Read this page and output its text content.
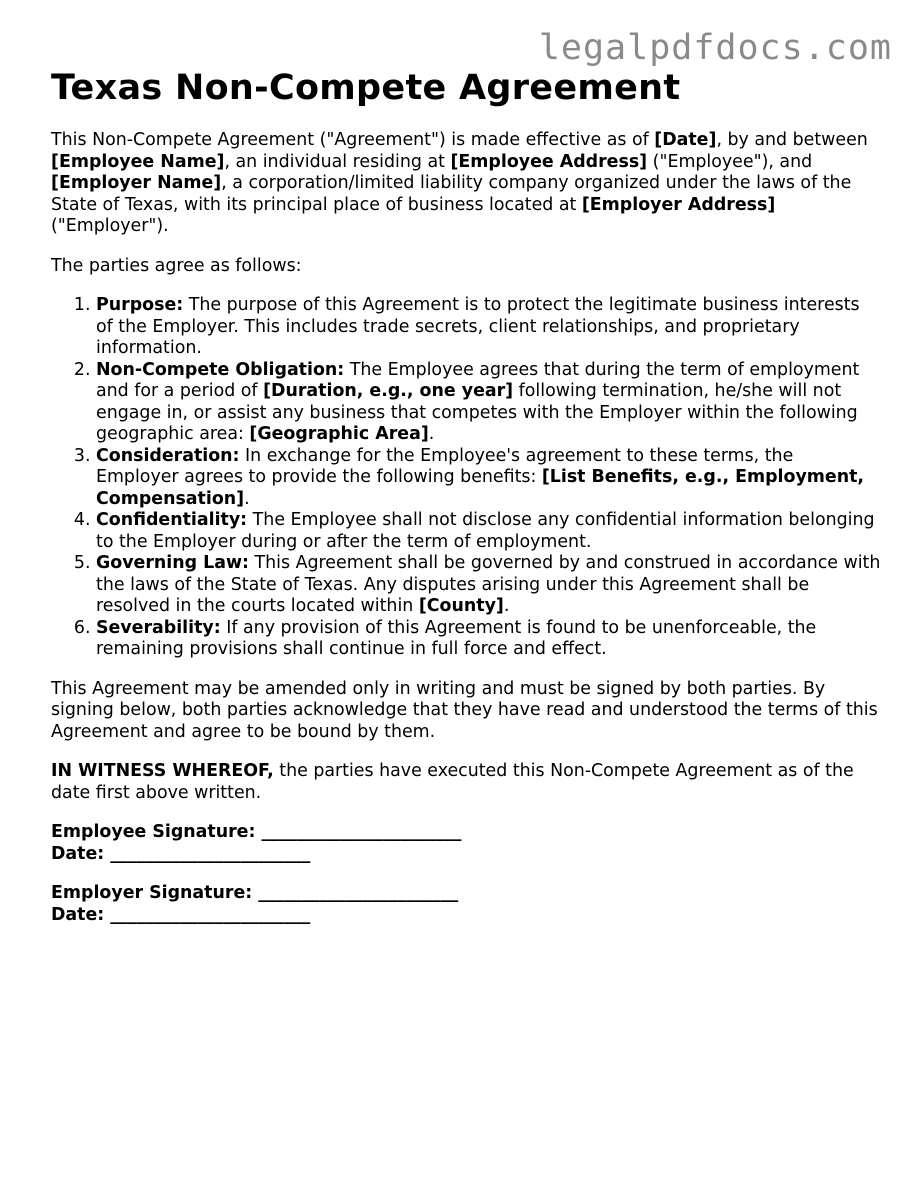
legalpdfdocs.com
Texas Non-Compete Agreement

This Non-Compete Agreement ("Agreement") is made effective as of [Date], by and between [Employee Name], an individual residing at [Employee Address] ("Employee"), and [Employer Name], a corporation/limited liability company organized under the laws of the State of Texas, with its principal place of business located at [Employer Address] ("Employer").

The parties agree as follows:

1. Purpose: The purpose of this Agreement is to protect the legitimate business interests of the Employer. This includes trade secrets, client relationships, and proprietary information.
2. Non-Compete Obligation: The Employee agrees that during the term of employment and for a period of [Duration, e.g., one year] following termination, he/she will not engage in, or assist any business that competes with the Employer within the following geographic area: [Geographic Area].
3. Consideration: In exchange for the Employee's agreement to these terms, the Employer agrees to provide the following benefits: [List Benefits, e.g., Employment, Compensation].
4. Confidentiality: The Employee shall not disclose any confidential information belonging to the Employer during or after the term of employment.
5. Governing Law: This Agreement shall be governed by and construed in accordance with the laws of the State of Texas. Any disputes arising under this Agreement shall be resolved in the courts located within [County].
6. Severability: If any provision of this Agreement is found to be unenforceable, the remaining provisions shall continue in full force and effect.

This Agreement may be amended only in writing and must be signed by both parties. By signing below, both parties acknowledge that they have read and understood the terms of this Agreement and agree to be bound by them.

IN WITNESS WHEREOF, the parties have executed this Non-Compete Agreement as of the date first above written.

Employee Signature: _______________________

Date: _______________________

Employer Signature: _______________________

Date: _______________________
